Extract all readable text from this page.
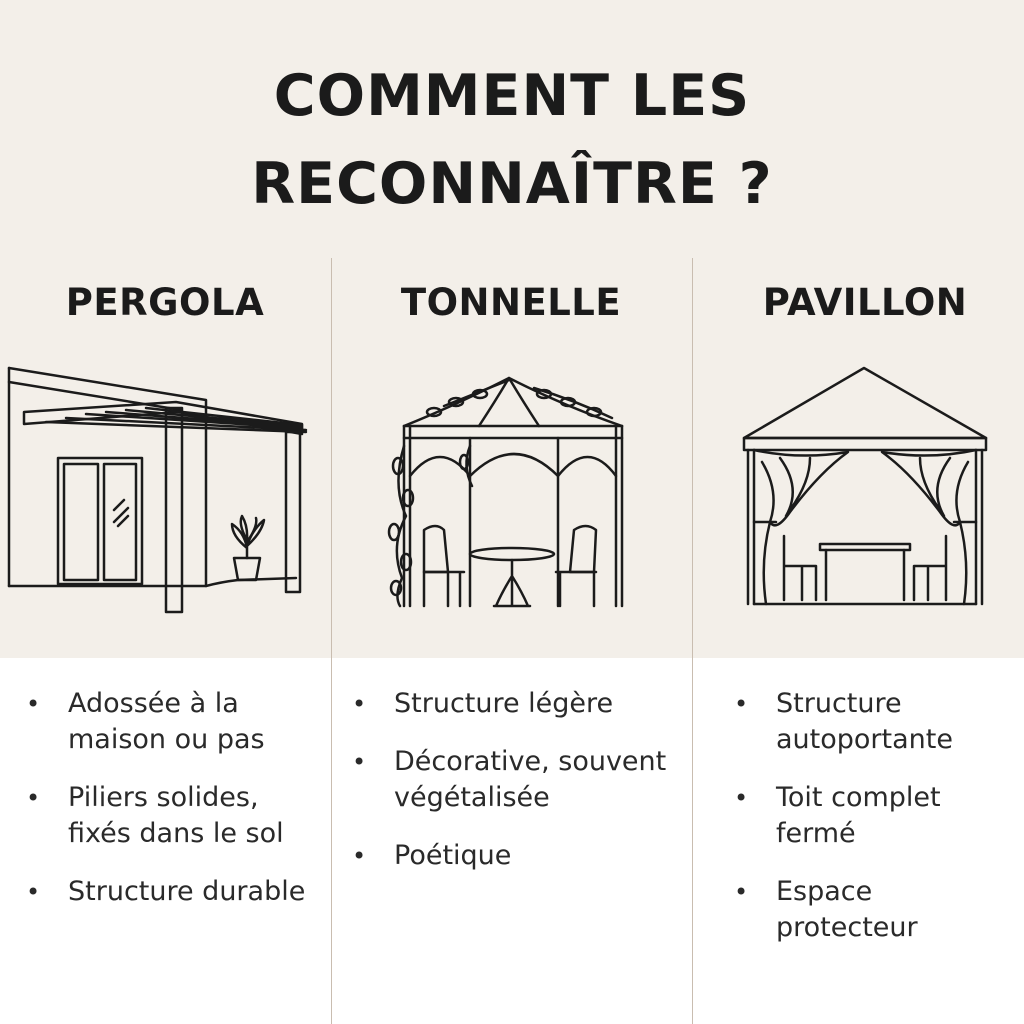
COMMENT LES
RECONNAÎTRE ?
PERGOLA
• Adossée à la maison ou pas
• Piliers solides, fixés dans le sol
• Structure durable
TONNELLE
• Structure légère
• Décorative, souvent végétalisée
• Poétique
PAVILLON
• Structure autoportante
• Toit complet fermé
• Espace protecteur
